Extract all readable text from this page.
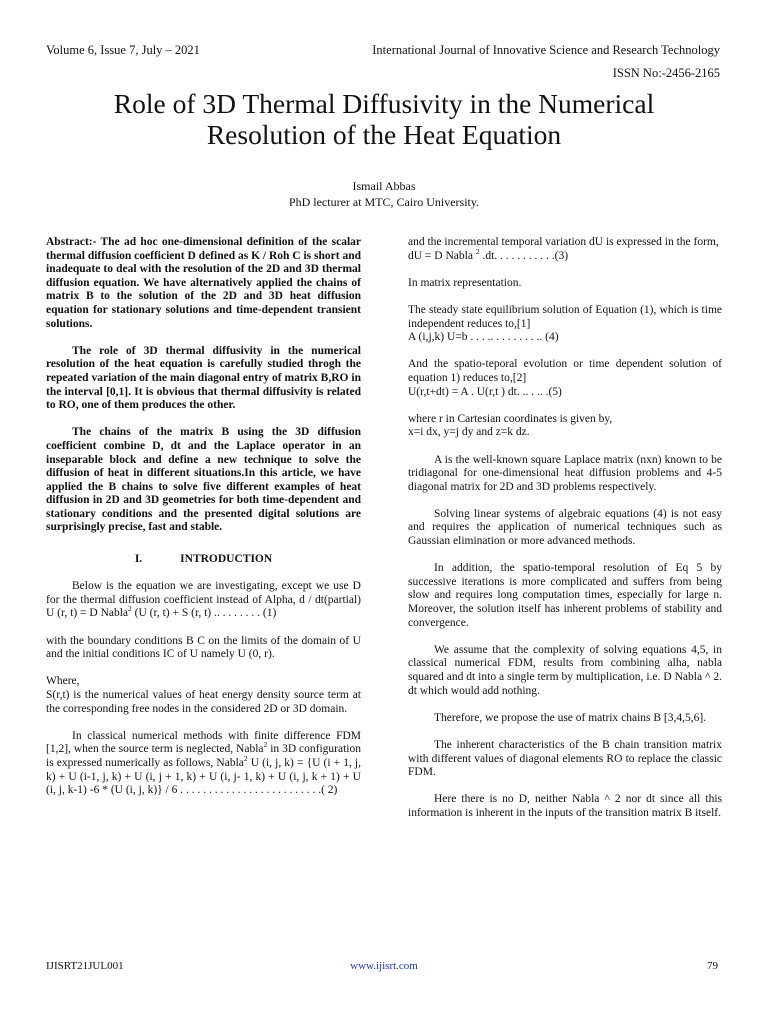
Volume 6, Issue 7, July – 2021	International Journal of Innovative Science and Research Technology
ISSN No:-2456-2165
Role of 3D Thermal Diffusivity in the Numerical
Resolution of the Heat Equation
Ismail Abbas
PhD lecturer at MTC, Cairo University.

Abstract:- The ad hoc one-dimensional definition of the scalar thermal diffusion coefficient D defined as K / Roh C is short and inadequate to deal with the resolution of the 2D and 3D thermal diffusion equation. We have alternatively applied the chains of matrix B to the solution of the 2D and 3D heat diffusion equation for stationary solutions and time-dependent transient solutions.

The role of 3D thermal diffusivity in the numerical resolution of the heat equation is carefully studied throgh the repeated variation of the main diagonal entry of matrix B,RO in the interval [0,1]. It is obvious that thermal diffusivity is related to RO, one of them produces the other.

The chains of the matrix B using the 3D diffusion coefficient combine D, dt and the Laplace operator in an inseparable block and define a new technique to solve the diffusion of heat in different situations.In this article, we have applied the B chains to solve five different examples of heat diffusion in 2D and 3D geometries for both time-dependent and stationary conditions and the presented digital solutions are surprisingly precise, fast and stable.

I.	INTRODUCTION

Below is the equation we are investigating, except we use D for the thermal diffusion coefficient instead of Alpha, d / dt(partial) U (r, t) = D Nabla$^2$ (U (r, t) + S (r, t) .. . . . . . . . (1)

with the boundary conditions B C on the limits of the domain of U and the initial conditions IC of U namely U (0, r).

Where,

S(r,t) is the numerical values of heat energy density source term at the corresponding free nodes in the considered 2D or 3D domain.

In classical numerical methods with finite difference FDM [1,2], when the source term is neglected, Nabla$^2$ in 3D configuration is expressed numerically as follows, Nabla$^2$ U (i, j, k) = {U (i + 1, j, k) + U (i-1, j, k) + U (i, j + 1, k) + U (i, j- 1, k) + U (i, j, k + 1) + U (i, j, k-1) -6 * (U (i, j, k)} / 6 . . . . . . . . . . . . . . . . . . . . . . . . .( 2)

and the incremental temporal variation dU is expressed in the form,

dU = D Nabla $^2$ .dt. . . . . . . . . . .(3)

In matrix representation.

The steady state equilibrium solution of Equation (1), which is time independent reduces to,[1]

A (i,j,k) U=b . . . .. . . . . . . . .. (4)

And the spatio-teporal evolution or time dependent solution of equation 1) reduces to,[2]

U(r,t+dt) = A . U(r,t ) dt. .. . .. .(5)

where r in Cartesian coordinates is given by,

x=i dx, y=j dy and z=k dz.

A is the well-known square Laplace matrix (nxn) known to be tridiagonal for one-dimensional heat diffusion problems and 4-5 diagonal matrix for 2D and 3D problems respectively.

Solving linear systems of algebraic equations (4) is not easy and requires the application of numerical techniques such as Gaussian elimination or more advanced methods.

In addition, the spatio-temporal resolution of Eq 5 by successive iterations is more complicated and suffers from being slow and requires long computation times, especially for large n. Moreover, the solution itself has inherent problems of stability and convergence.

We assume that the complexity of solving equations 4,5, in classical numerical FDM, results from combining alha, nabla squared and dt into a single term by multiplication, i.e. D Nabla ^ 2. dt which would add nothing.

Therefore, we propose the use of matrix chains B [3,4,5,6].

The inherent characteristics of the B chain transition matrix with different values of diagonal elements RO to replace the classic FDM.

Here there is no D, neither Nabla ^ 2 nor dt since all this information is inherent in the inputs of the transition matrix B itself.

IJISRT21JUL001	www.ijisrt.com	79
